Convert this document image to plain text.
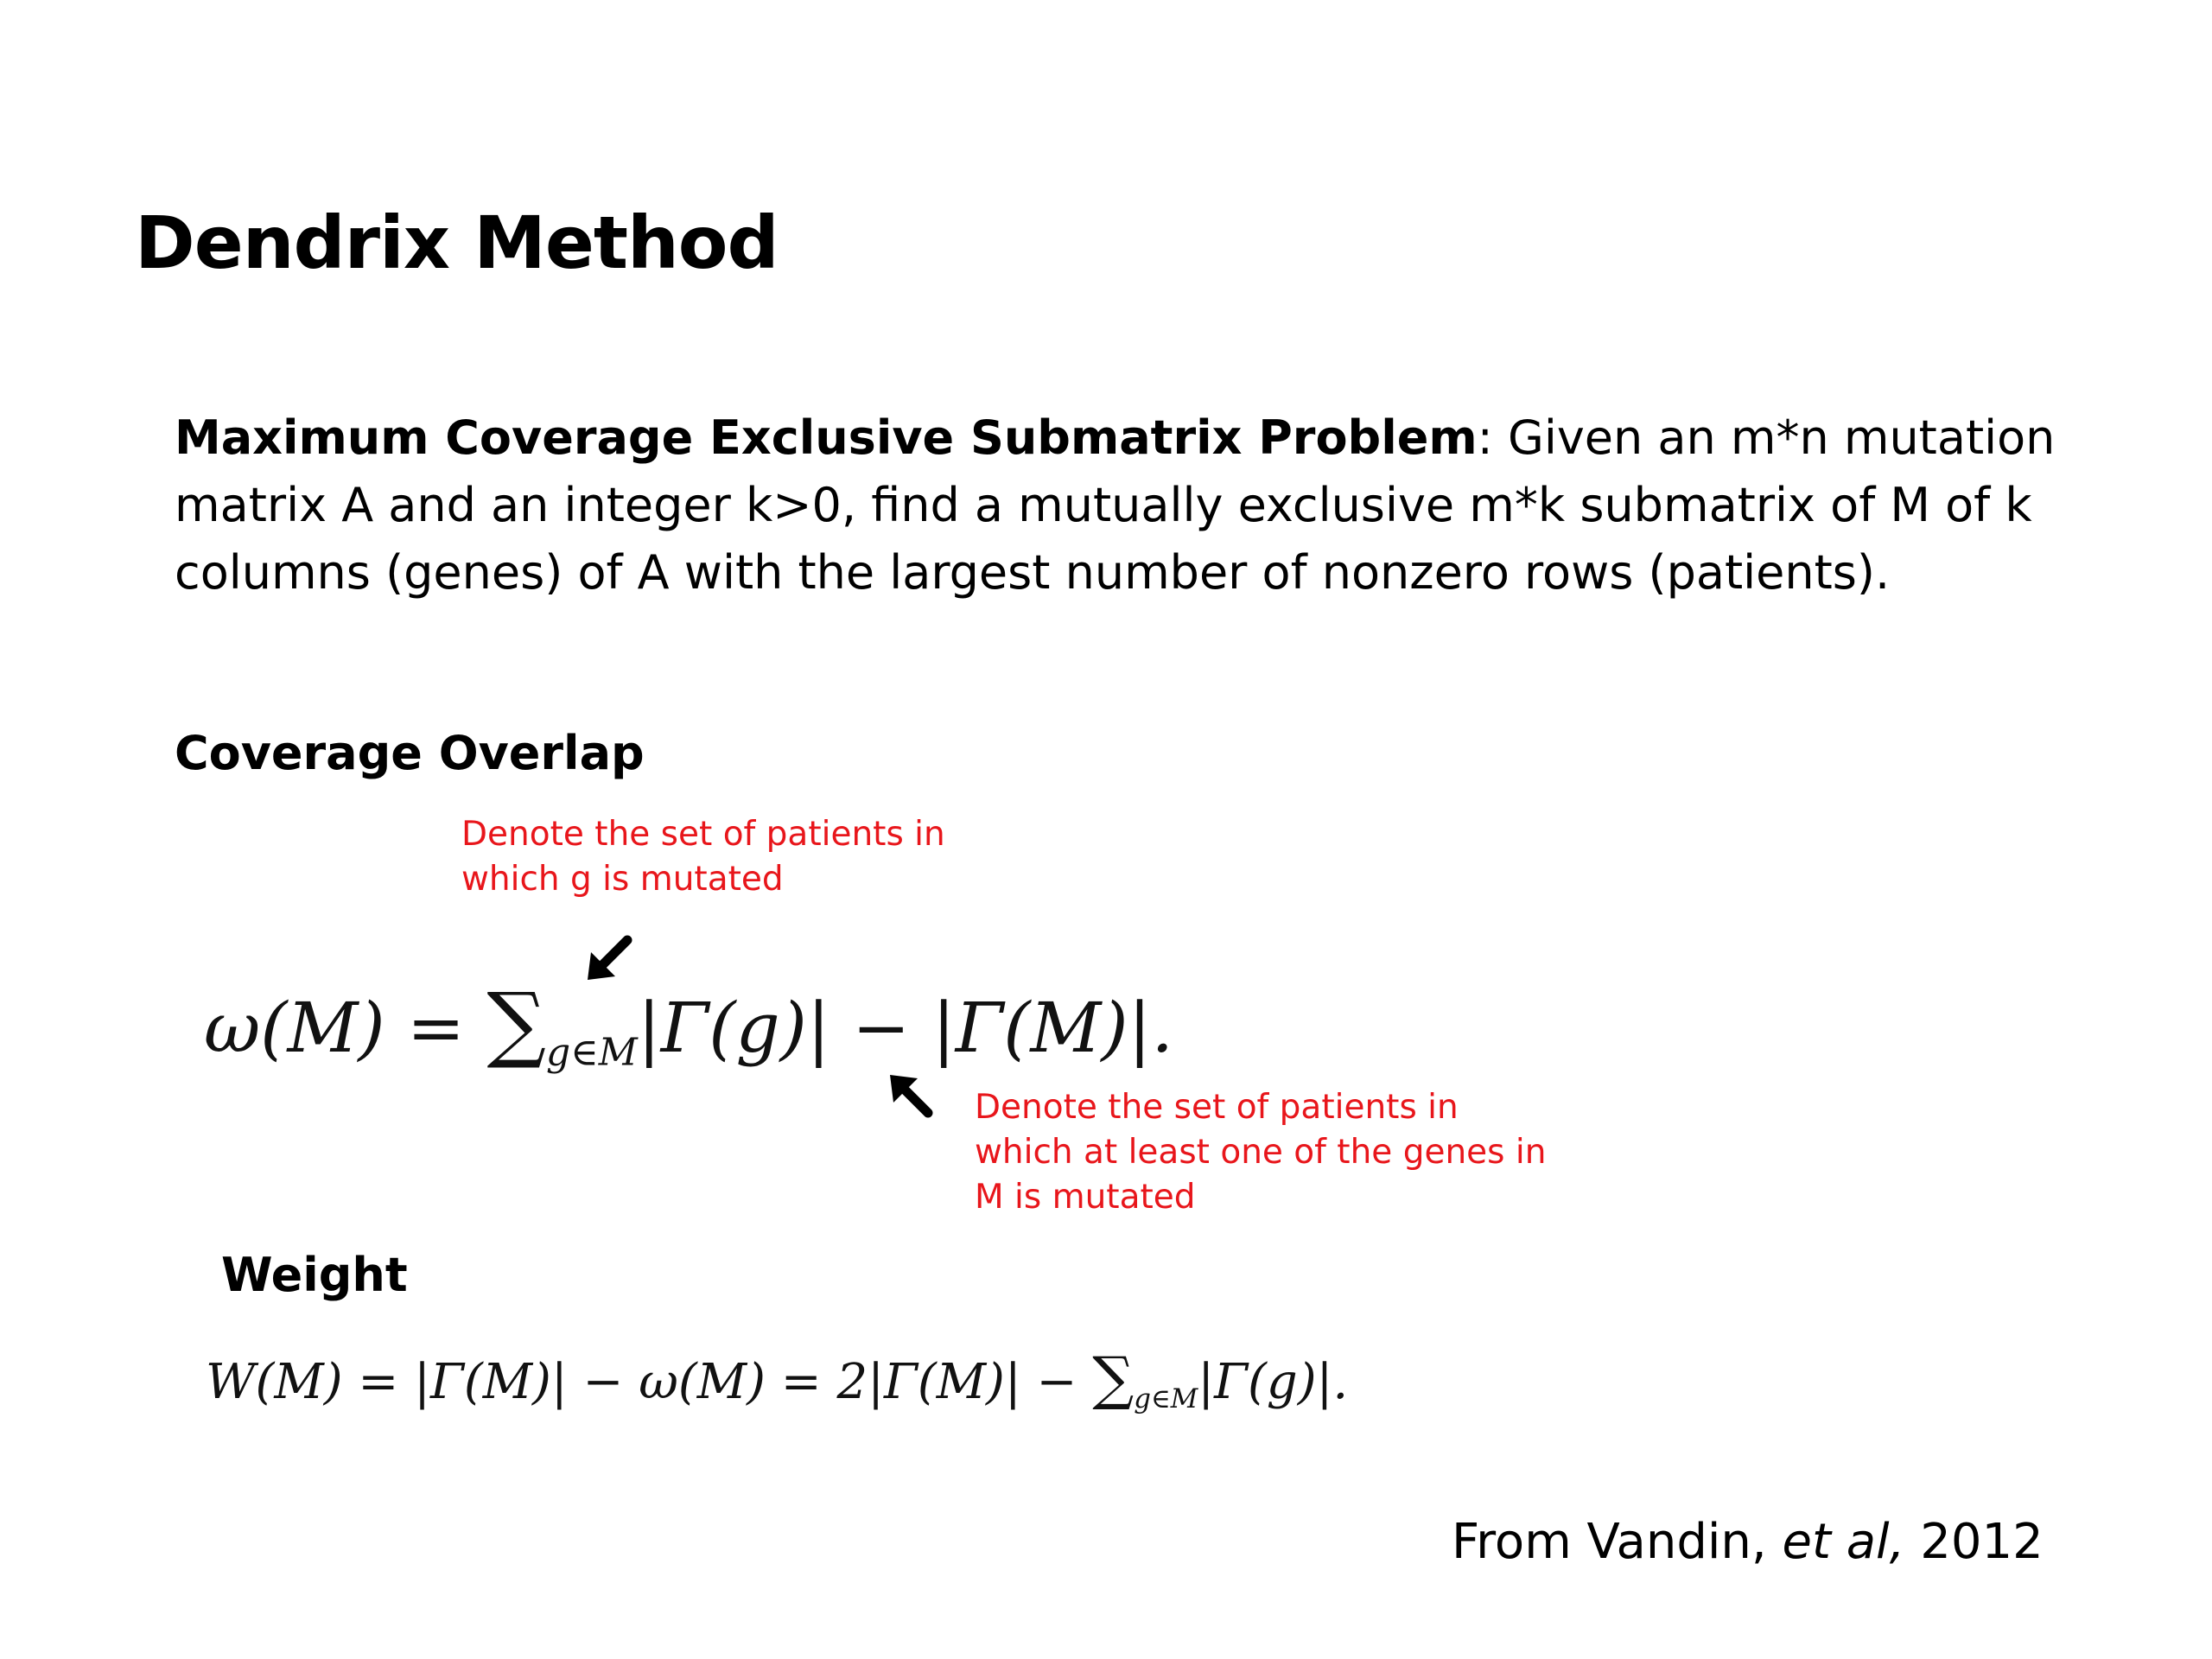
Dendrix Method
Maximum Coverage Exclusive Submatrix Problem: Given an m*n mutation matrix A and an integer k>0, find a mutually exclusive m*k submatrix of M of k columns (genes) of A with the largest number of nonzero rows (patients).
Coverage Overlap
Denote the set of patients in
which g is mutated
$\omega(M) = \sum_{g\in M}|\Gamma(g)| - |\Gamma(M)|$.
Denote the set of patients in
which at least one of the genes in
M is mutated
Weight
$W(M) = |\Gamma(M)| - \omega(M) = 2|\Gamma(M)| - \sum_{g\in M}|\Gamma(g)|$.
From Vandin, et al, 2012
